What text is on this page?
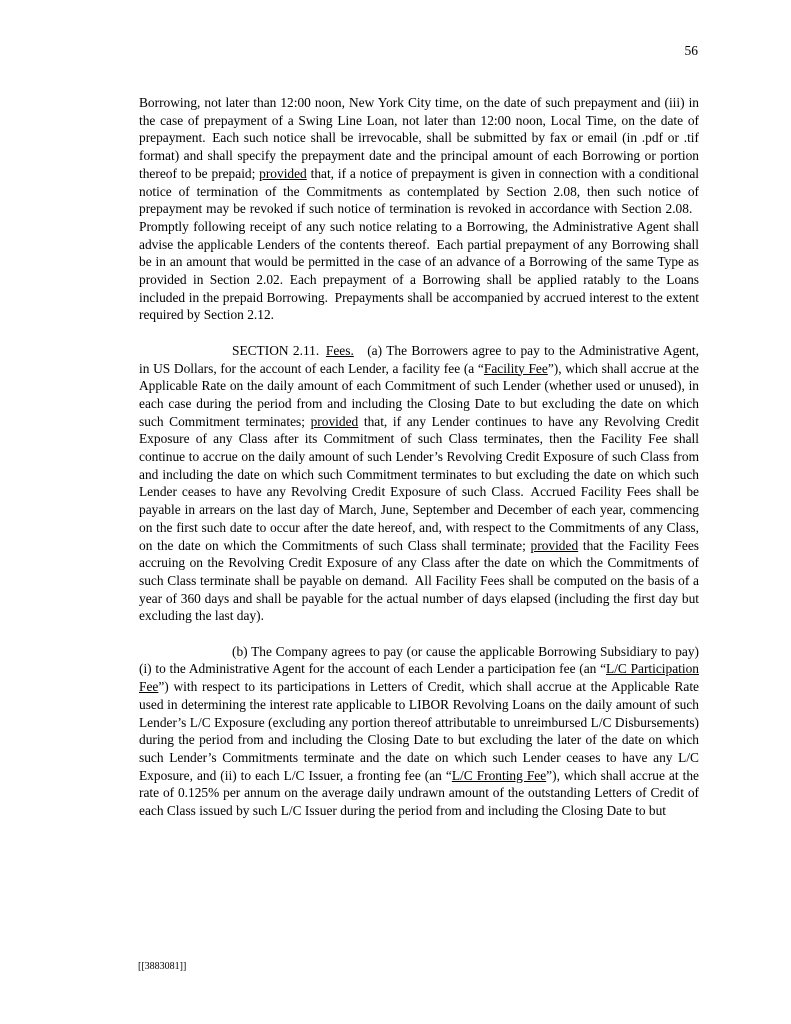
56

Borrowing, not later than 12:00 noon, New York City time, on the date of such prepayment and (iii) in the case of prepayment of a Swing Line Loan, not later than 12:00 noon, Local Time, on the date of prepayment. Each such notice shall be irrevocable, shall be submitted by fax or email (in .pdf or .tif format) and shall specify the prepayment date and the principal amount of each Borrowing or portion thereof to be prepaid; provided that, if a notice of prepayment is given in connection with a conditional notice of termination of the Commitments as contemplated by Section 2.08, then such notice of prepayment may be revoked if such notice of termination is revoked in accordance with Section 2.08. Promptly following receipt of any such notice relating to a Borrowing, the Administrative Agent shall advise the applicable Lenders of the contents thereof. Each partial prepayment of any Borrowing shall be in an amount that would be permitted in the case of an advance of a Borrowing of the same Type as provided in Section 2.02. Each prepayment of a Borrowing shall be applied ratably to the Loans included in the prepaid Borrowing. Prepayments shall be accompanied by accrued interest to the extent required by Section 2.12.

SECTION 2.11. Fees.  (a) The Borrowers agree to pay to the Administrative Agent, in US Dollars, for the account of each Lender, a facility fee (a “Facility Fee”), which shall accrue at the Applicable Rate on the daily amount of each Commitment of such Lender (whether used or unused), in each case during the period from and including the Closing Date to but excluding the date on which such Commitment terminates; provided that, if any Lender continues to have any Revolving Credit Exposure of any Class after its Commitment of such Class terminates, then the Facility Fee shall continue to accrue on the daily amount of such Lender’s Revolving Credit Exposure of such Class from and including the date on which such Commitment terminates to but excluding the date on which such Lender ceases to have any Revolving Credit Exposure of such Class. Accrued Facility Fees shall be payable in arrears on the last day of March, June, September and December of each year, commencing on the first such date to occur after the date hereof, and, with respect to the Commitments of any Class, on the date on which the Commitments of such Class shall terminate; provided that the Facility Fees accruing on the Revolving Credit Exposure of any Class after the date on which the Commitments of such Class terminate shall be payable on demand. All Facility Fees shall be computed on the basis of a year of 360 days and shall be payable for the actual number of days elapsed (including the first day but excluding the last day).

(b) The Company agrees to pay (or cause the applicable Borrowing Subsidiary to pay) (i) to the Administrative Agent for the account of each Lender a participation fee (an “L/C Participation Fee”) with respect to its participations in Letters of Credit, which shall accrue at the Applicable Rate used in determining the interest rate applicable to LIBOR Revolving Loans on the daily amount of such Lender’s L/C Exposure (excluding any portion thereof attributable to unreimbursed L/C Disbursements) during the period from and including the Closing Date to but excluding the later of the date on which such Lender’s Commitments terminate and the date on which such Lender ceases to have any L/C Exposure, and (ii) to each L/C Issuer, a fronting fee (an “L/C Fronting Fee”), which shall accrue at the rate of 0.125% per annum on the average daily undrawn amount of the outstanding Letters of Credit of each Class issued by such L/C Issuer during the period from and including the Closing Date to but

[[3883081]]
